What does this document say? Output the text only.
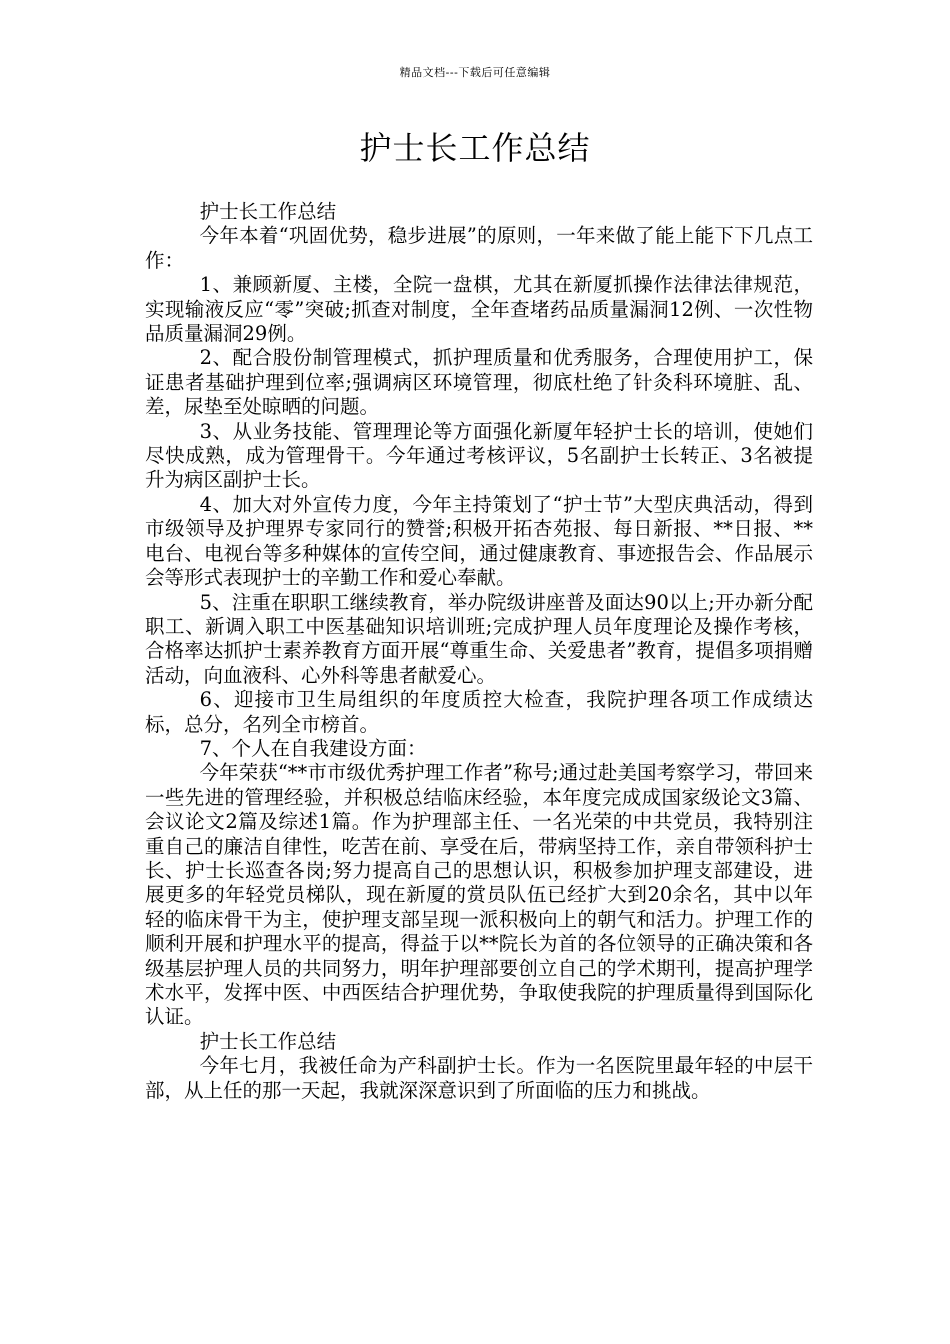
精品文档---下载后可任意编辑
护士长工作总结

护士长工作总结

今年本着“巩固优势，稳步进展”的原则，一年来做了能上能下下几点工作：

1、兼顾新厦、主楼，全院一盘棋，尤其在新厦抓操作法律法律规范，实现输液反应“零”突破;抓查对制度，全年查堵药品质量漏洞12例、一次性物品质量漏洞29例。

2、配合股份制管理模式，抓护理质量和优秀服务，合理使用护工，保证患者基础护理到位率;强调病区环境管理，彻底杜绝了针灸科环境脏、乱、差，尿垫至处晾晒的问题。

3、从业务技能、管理理论等方面强化新厦年轻护士长的培训，使她们尽快成熟，成为管理骨干。今年通过考核评议，5名副护士长转正、3名被提升为病区副护士长。

4、加大对外宣传力度，今年主持策划了“护士节”大型庆典活动，得到市级领导及护理界专家同行的赞誉;积极开拓杏苑报、每日新报、**日报、**电台、电视台等多种媒体的宣传空间，通过健康教育、事迹报告会、作品展示会等形式表现护士的辛勤工作和爱心奉献。

5、注重在职职工继续教育，举办院级讲座普及面达90以上;开办新分配职工、新调入职工中医基础知识培训班;完成护理人员年度理论及操作考核，合格率达抓护士素养教育方面开展“尊重生命、关爱患者”教育，提倡多项捐赠活动，向血液科、心外科等患者献爱心。

6、迎接市卫生局组织的年度质控大检查，我院护理各项工作成绩达标，总分，名列全市榜首。

7、个人在自我建设方面：

今年荣获“**市市级优秀护理工作者”称号;通过赴美国考察学习，带回来一些先进的管理经验，并积极总结临床经验，本年度完成成国家级论文3篇、会议论文2篇及综述1篇。作为护理部主任、一名光荣的中共党员，我特别注重自己的廉洁自律性，吃苦在前、享受在后，带病坚持工作，亲自带领科护士长、护士长巡查各岗;努力提高自己的思想认识，积极参加护理支部建设，进展更多的年轻党员梯队，现在新厦的赏员队伍已经扩大到20余名，其中以年轻的临床骨干为主，使护理支部呈现一派积极向上的朝气和活力。护理工作的顺利开展和护理水平的提高，得益于以**院长为首的各位领导的正确决策和各级基层护理人员的共同努力，明年护理部要创立自己的学术期刊，提高护理学术水平，发挥中医、中西医结合护理优势，争取使我院的护理质量得到国际化认证。

护士长工作总结

今年七月，我被任命为产科副护士长。作为一名医院里最年轻的中层干部，从上任的那一天起，我就深深意识到了所面临的压力和挑战。
